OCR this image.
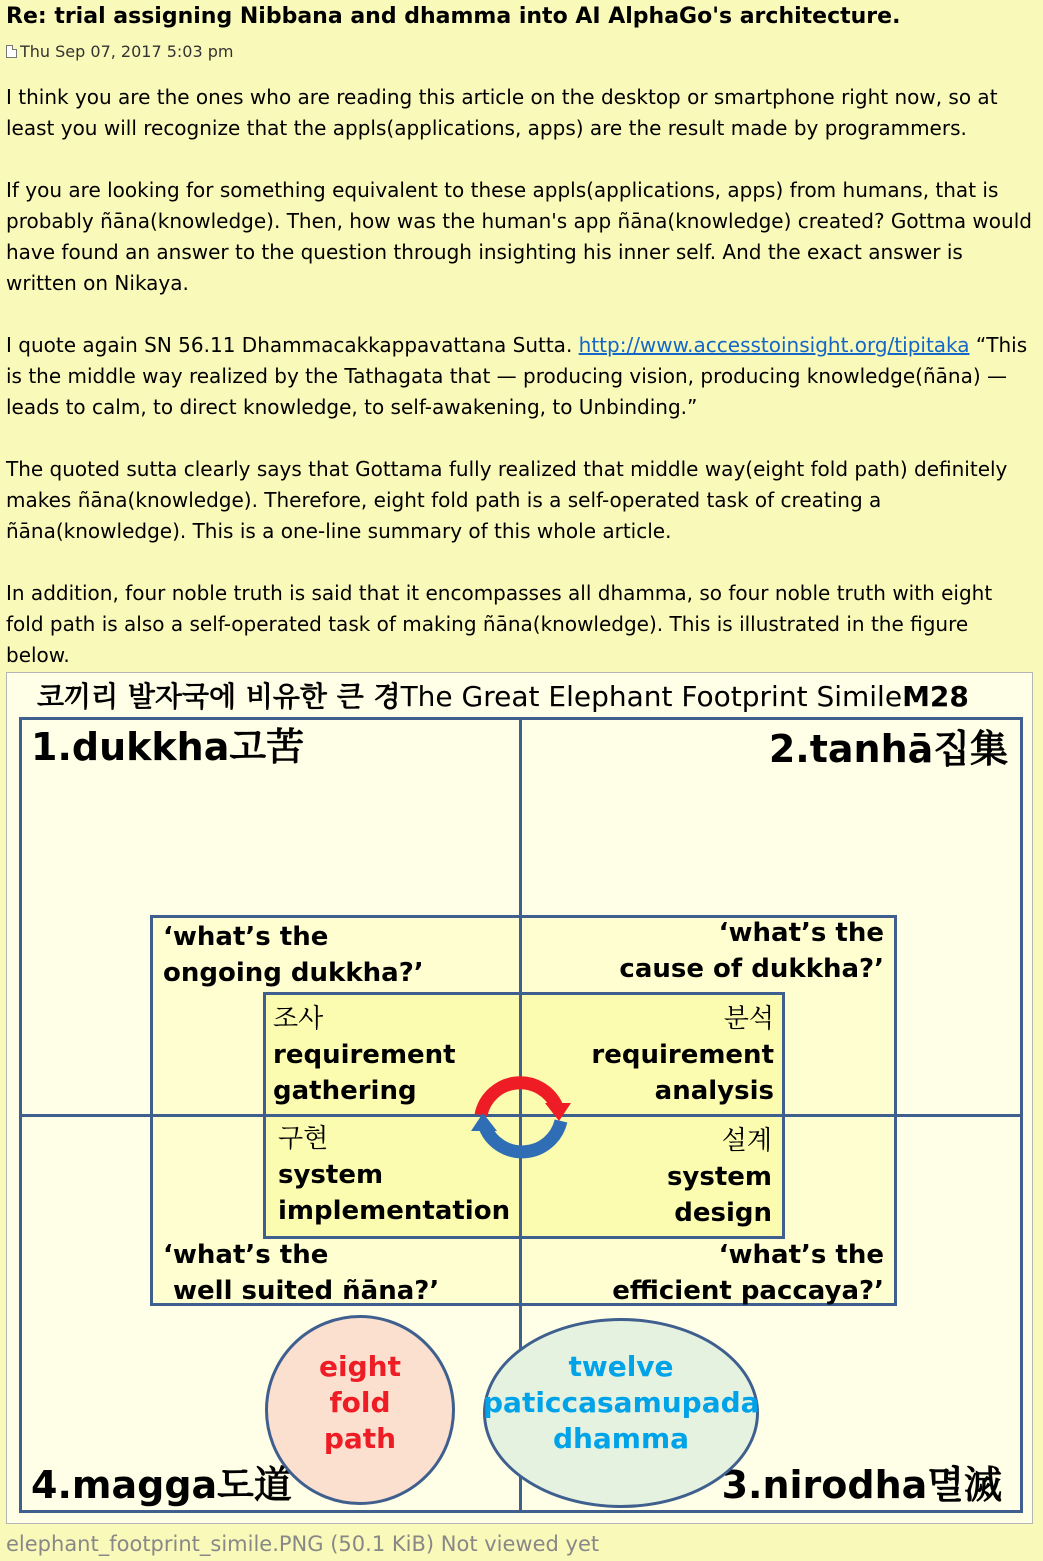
Re: trial assigning Nibbana and dhamma into AI AlphaGo's architecture.
Thu Sep 07, 2017 5:03 pm

I think you are the ones who are reading this article on the desktop or smartphone right now, so at least you will recognize that the appls(applications, apps) are the result made by programmers.

If you are looking for something equivalent to these appls(applications, apps) from humans, that is probably ñāna(knowledge). Then, how was the human's app ñāna(knowledge) created? Gottma would have found an answer to the question through insighting his inner self. And the exact answer is written on Nikaya.

I quote again SN 56.11 Dhammacakkappavattana Sutta. http://www.accesstoinsight.org/tipitaka “This is the middle way realized by the Tathagata that — producing vision, producing knowledge(ñāna) — leads to calm, to direct knowledge, to self-awakening, to Unbinding.”

The quoted sutta clearly says that Gottama fully realized that middle way(eight fold path) definitely makes ñāna(knowledge). Therefore, eight fold path is a self-operated task of creating a ñāna(knowledge). This is a one-line summary of this whole article.

In addition, four noble truth is said that it encompasses all dhamma, so four noble truth with eight fold path is also a self-operated task of making ñāna(knowledge). This is illustrated in the figure below.

코끼리 발자국에 비유한 큰 경The Great Elephant Footprint SimileM28
1.dukkha고苦	2.tanhā집集
3.nirodha멸滅
4.magga도道
‘what’s the
ongoing dukkha?’
‘what’s the
cause of dukkha?’
‘what’s the
well suited ñāna?’
‘what’s the
efficient paccaya?’
조사
requirement
gathering
분석
requirement
analysis
구현
system
implementation
설계
system
design
eight
fold
path
twelve
paticcasamupada
dhamma
elephant_footprint_simile.PNG (50.1 KiB) Not viewed yet
